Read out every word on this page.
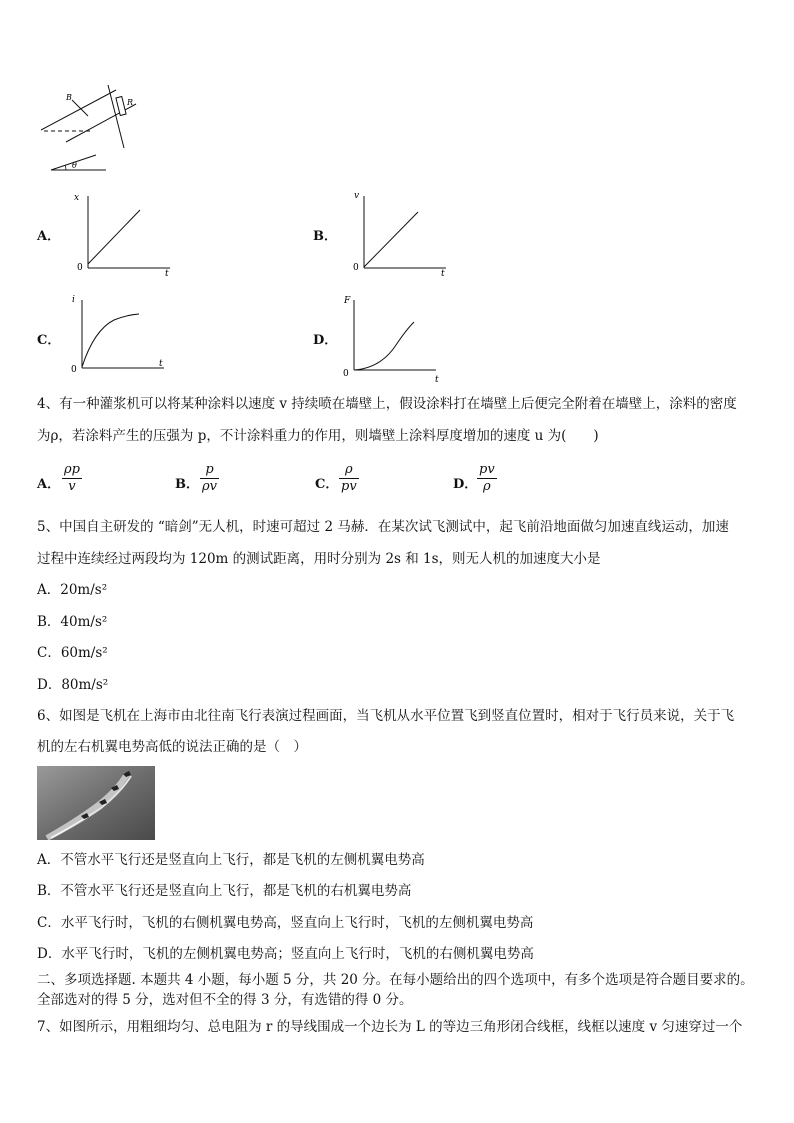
B
R
θ
A．
x
0
t
B．
v
0
t
C．
i
0
t
D．
F
0
t
4、有一种灌浆机可以将某种涂料以速度 v 持续喷在墙壁上，假设涂料打在墙壁上后便完全附着在墙壁上，涂料的密度
为ρ，若涂料产生的压强为 p，不计涂料重力的作用，则墙壁上涂料厚度增加的速度 u 为(　　)
A． $\frac{\rho p}{v}$	B． $\frac{p}{\rho v}$	C． $\frac{\rho}{pv}$	D． $\frac{pv}{\rho}$
5、中国自主研发的 “暗剑”无人机，时速可超过 2 马赫．在某次试飞测试中，起飞前沿地面做匀加速直线运动，加速
过程中连续经过两段均为 120m 的测试距离，用时分别为 2s 和 1s，则无人机的加速度大小是
A．20m/s²
B．40m/s²
C．60m/s²
D．80m/s²
6、如图是飞机在上海市由北往南飞行表演过程画面，当飞机从水平位置飞到竖直位置时，相对于飞行员来说，关于飞
机的左右机翼电势高低的说法正确的是（　）
A．不管水平飞行还是竖直向上飞行，都是飞机的左侧机翼电势高
B．不管水平飞行还是竖直向上飞行，都是飞机的右机翼电势高
C．水平飞行时，飞机的右侧机翼电势高，竖直向上飞行时，飞机的左侧机翼电势高
D．水平飞行时，飞机的左侧机翼电势高；竖直向上飞行时，飞机的右侧机翼电势高
二、多项选择题. 本题共 4 小题，每小题 5 分，共 20 分。在每小题给出的四个选项中，有多个选项是符合题目要求的。
全部选对的得 5 分，选对但不全的得 3 分，有选错的得 0 分。
7、如图所示，用粗细均匀、总电阻为 r 的导线围成一个边长为 L 的等边三角形闭合线框，线框以速度 v 匀速穿过一个
